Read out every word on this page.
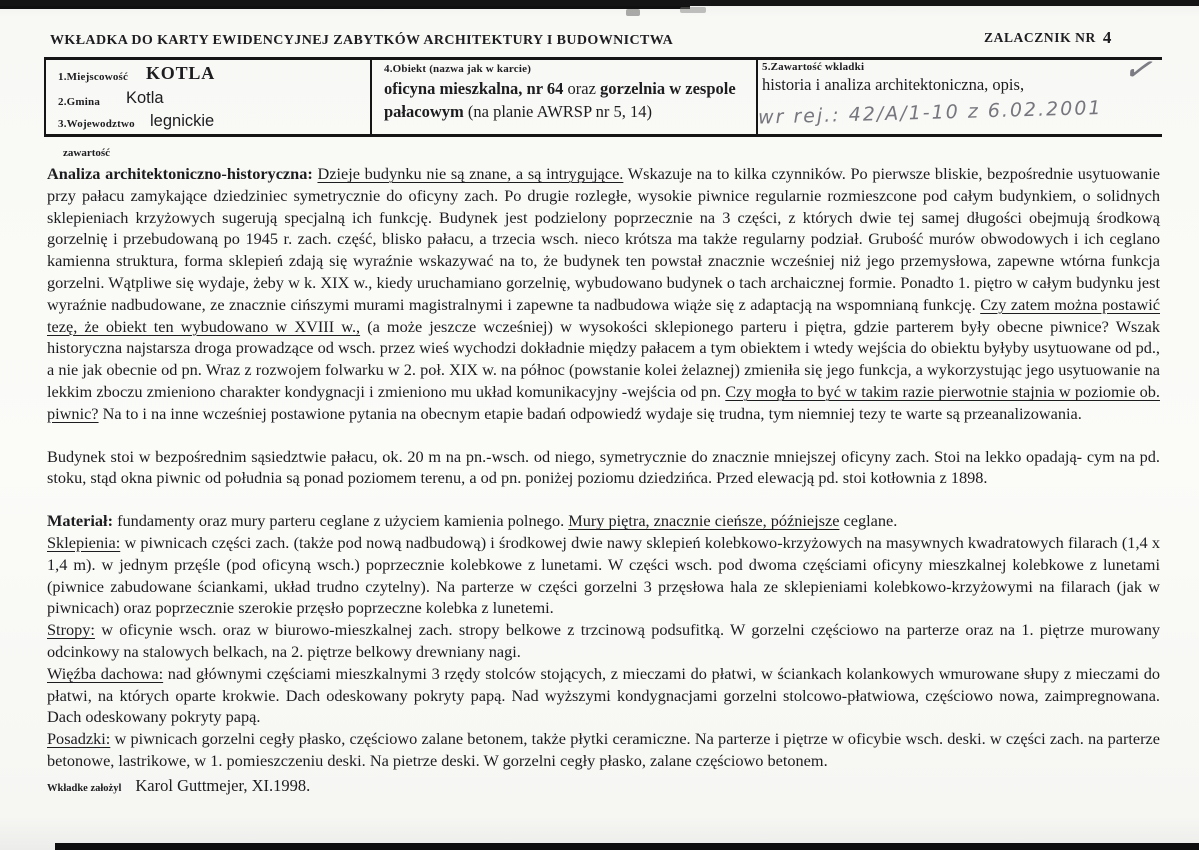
WKŁADKA DO KARTY EWIDENCYJNEJ ZABYTKÓW ARCHITEKTURY I BUDOWNICTWA	ZALACZNIK NR 4
1.Miejscowość KOTLA
2.Gmina Kotla
3.Wojewodztwo legnickie
4.Obiekt (nazwa jak w karcie)
oficyna mieszkalna, nr 64 oraz gorzelnia w zespole pałacowym (na planie AWRSP nr 5, 14)
5.Zawartość wkladki
historia i analiza architektoniczna, opis,
wr rej.: 42/A/1-10 z 6.02.2001
✓
zawartość

Analiza architektoniczno-historyczna: Dzieje budynku nie są znane, a są intrygujące. Wskazuje na to kilka czynników. Po pierwsze bliskie, bezpośrednie usytuowanie przy pałacu zamykające dziedziniec symetrycznie do oficyny zach. Po drugie rozległe, wysokie piwnice regularnie rozmieszcone pod całym budynkiem, o solidnych sklepieniach krzyżowych sugerują specjalną ich funkcję. Budynek jest podzielony poprzecznie na 3 części, z których dwie tej samej długości obejmują środkową gorzelnię i przebudowaną po 1945 r. zach. część, blisko pałacu, a trzecia wsch. nieco krótsza ma także regularny podział. Grubość murów obwodowych i ich ceglano kamienna struktura, forma sklepień zdają się wyraźnie wskazywać na to, że budynek ten powstał znacznie wcześniej niż jego przemysłowa, zapewne wtórna funkcja gorzelni. Wątpliwe się wydaje, żeby w k. XIX w., kiedy uruchamiano gorzelnię, wybudowano budynek o tach archaicznej formie. Ponadto 1. piętro w całym budynku jest wyraźnie nadbudowane, ze znacznie cińszymi murami magistralnymi i zapewne ta nadbudowa wiąże się z adaptacją na wspomnianą funkcję. Czy zatem można postawić tezę, że obiekt ten wybudowano w XVIII w., (a może jeszcze wcześniej) w wysokości sklepionego parteru i piętra, gdzie parterem były obecne piwnice? Wszak historyczna najstarsza droga prowadzące od wsch. przez wieś wychodzi dokładnie między pałacem a tym obiektem i wtedy wejścia do obiektu byłyby usytuowane od pd., a nie jak obecnie od pn. Wraz z rozwojem folwarku w 2. poł. XIX w. na północ (powstanie kolei żelaznej) zmieniła się jego funkcja, a wykorzystując jego usytuowanie na lekkim zboczu zmieniono charakter kondygnacji i zmieniono mu układ komunikacyjny -wejścia od pn. Czy mogła to być w takim razie pierwotnie stajnia w poziomie ob. piwnic? Na to i na inne wcześniej postawione pytania na obecnym etapie badań odpowiedź wydaje się trudna, tym niemniej tezy te warte są przeanalizowania.

Budynek stoi w bezpośrednim sąsiedztwie pałacu, ok. 20 m na pn.-wsch. od niego, symetrycznie do znacznie mniejszej oficyny zach. Stoi na lekko opadają- cym na pd. stoku, stąd okna piwnic od południa są ponad poziomem terenu, a od pn. poniżej poziomu dziedzińca. Przed elewacją pd. stoi kotłownia z 1898.

Materiał: fundamenty oraz mury parteru ceglane z użyciem kamienia polnego. Mury piętra, znacznie cieńsze, późniejsze ceglane.

Sklepienia: w piwnicach części zach. (także pod nową nadbudową) i środkowej dwie nawy sklepień kolebkowo-krzyżowych na masywnych kwadratowych filarach (1,4 x 1,4 m). w jednym przęśle (pod oficyną wsch.) poprzecznie kolebkowe z lunetami. W części wsch. pod dwoma częściami oficyny mieszkalnej kolebkowe z lunetami (piwnice zabudowane ściankami, układ trudno czytelny). Na parterze w części gorzelni 3 przęsłowa hala ze sklepieniami kolebkowo-krzyżowymi na filarach (jak w piwnicach) oraz poprzecznie szerokie przęsło poprzeczne kolebka z lunetemi.

Stropy: w oficynie wsch. oraz w biurowo-mieszkalnej zach. stropy belkowe z trzcinową podsufitką. W gorzelni częściowo na parterze oraz na 1. piętrze murowany odcinkowy na stalowych belkach, na 2. piętrze belkowy drewniany nagi.

Więźba dachowa: nad głównymi częściami mieszkalnymi 3 rzędy stolców stojących, z mieczami do płatwi, w ściankach kolankowych wmurowane słupy z mieczami do płatwi, na których oparte krokwie. Dach odeskowany pokryty papą. Nad wyższymi kondygnacjami gorzelni stolcowo-płatwiowa, częściowo nowa, zaimpregnowana. Dach odeskowany pokryty papą.

Posadzki: w piwnicach gorzelni cegły płasko, częściowo zalane betonem, także płytki ceramiczne. Na parterze i piętrze w oficybie wsch. deski. w części zach. na parterze betonowe, lastrikowe, w 1. pomieszczeniu deski. Na pietrze deski. W gorzelni cegły płasko, zalane częściowo betonem.

Wkładke założyl Karol Guttmejer, XI.1998.
